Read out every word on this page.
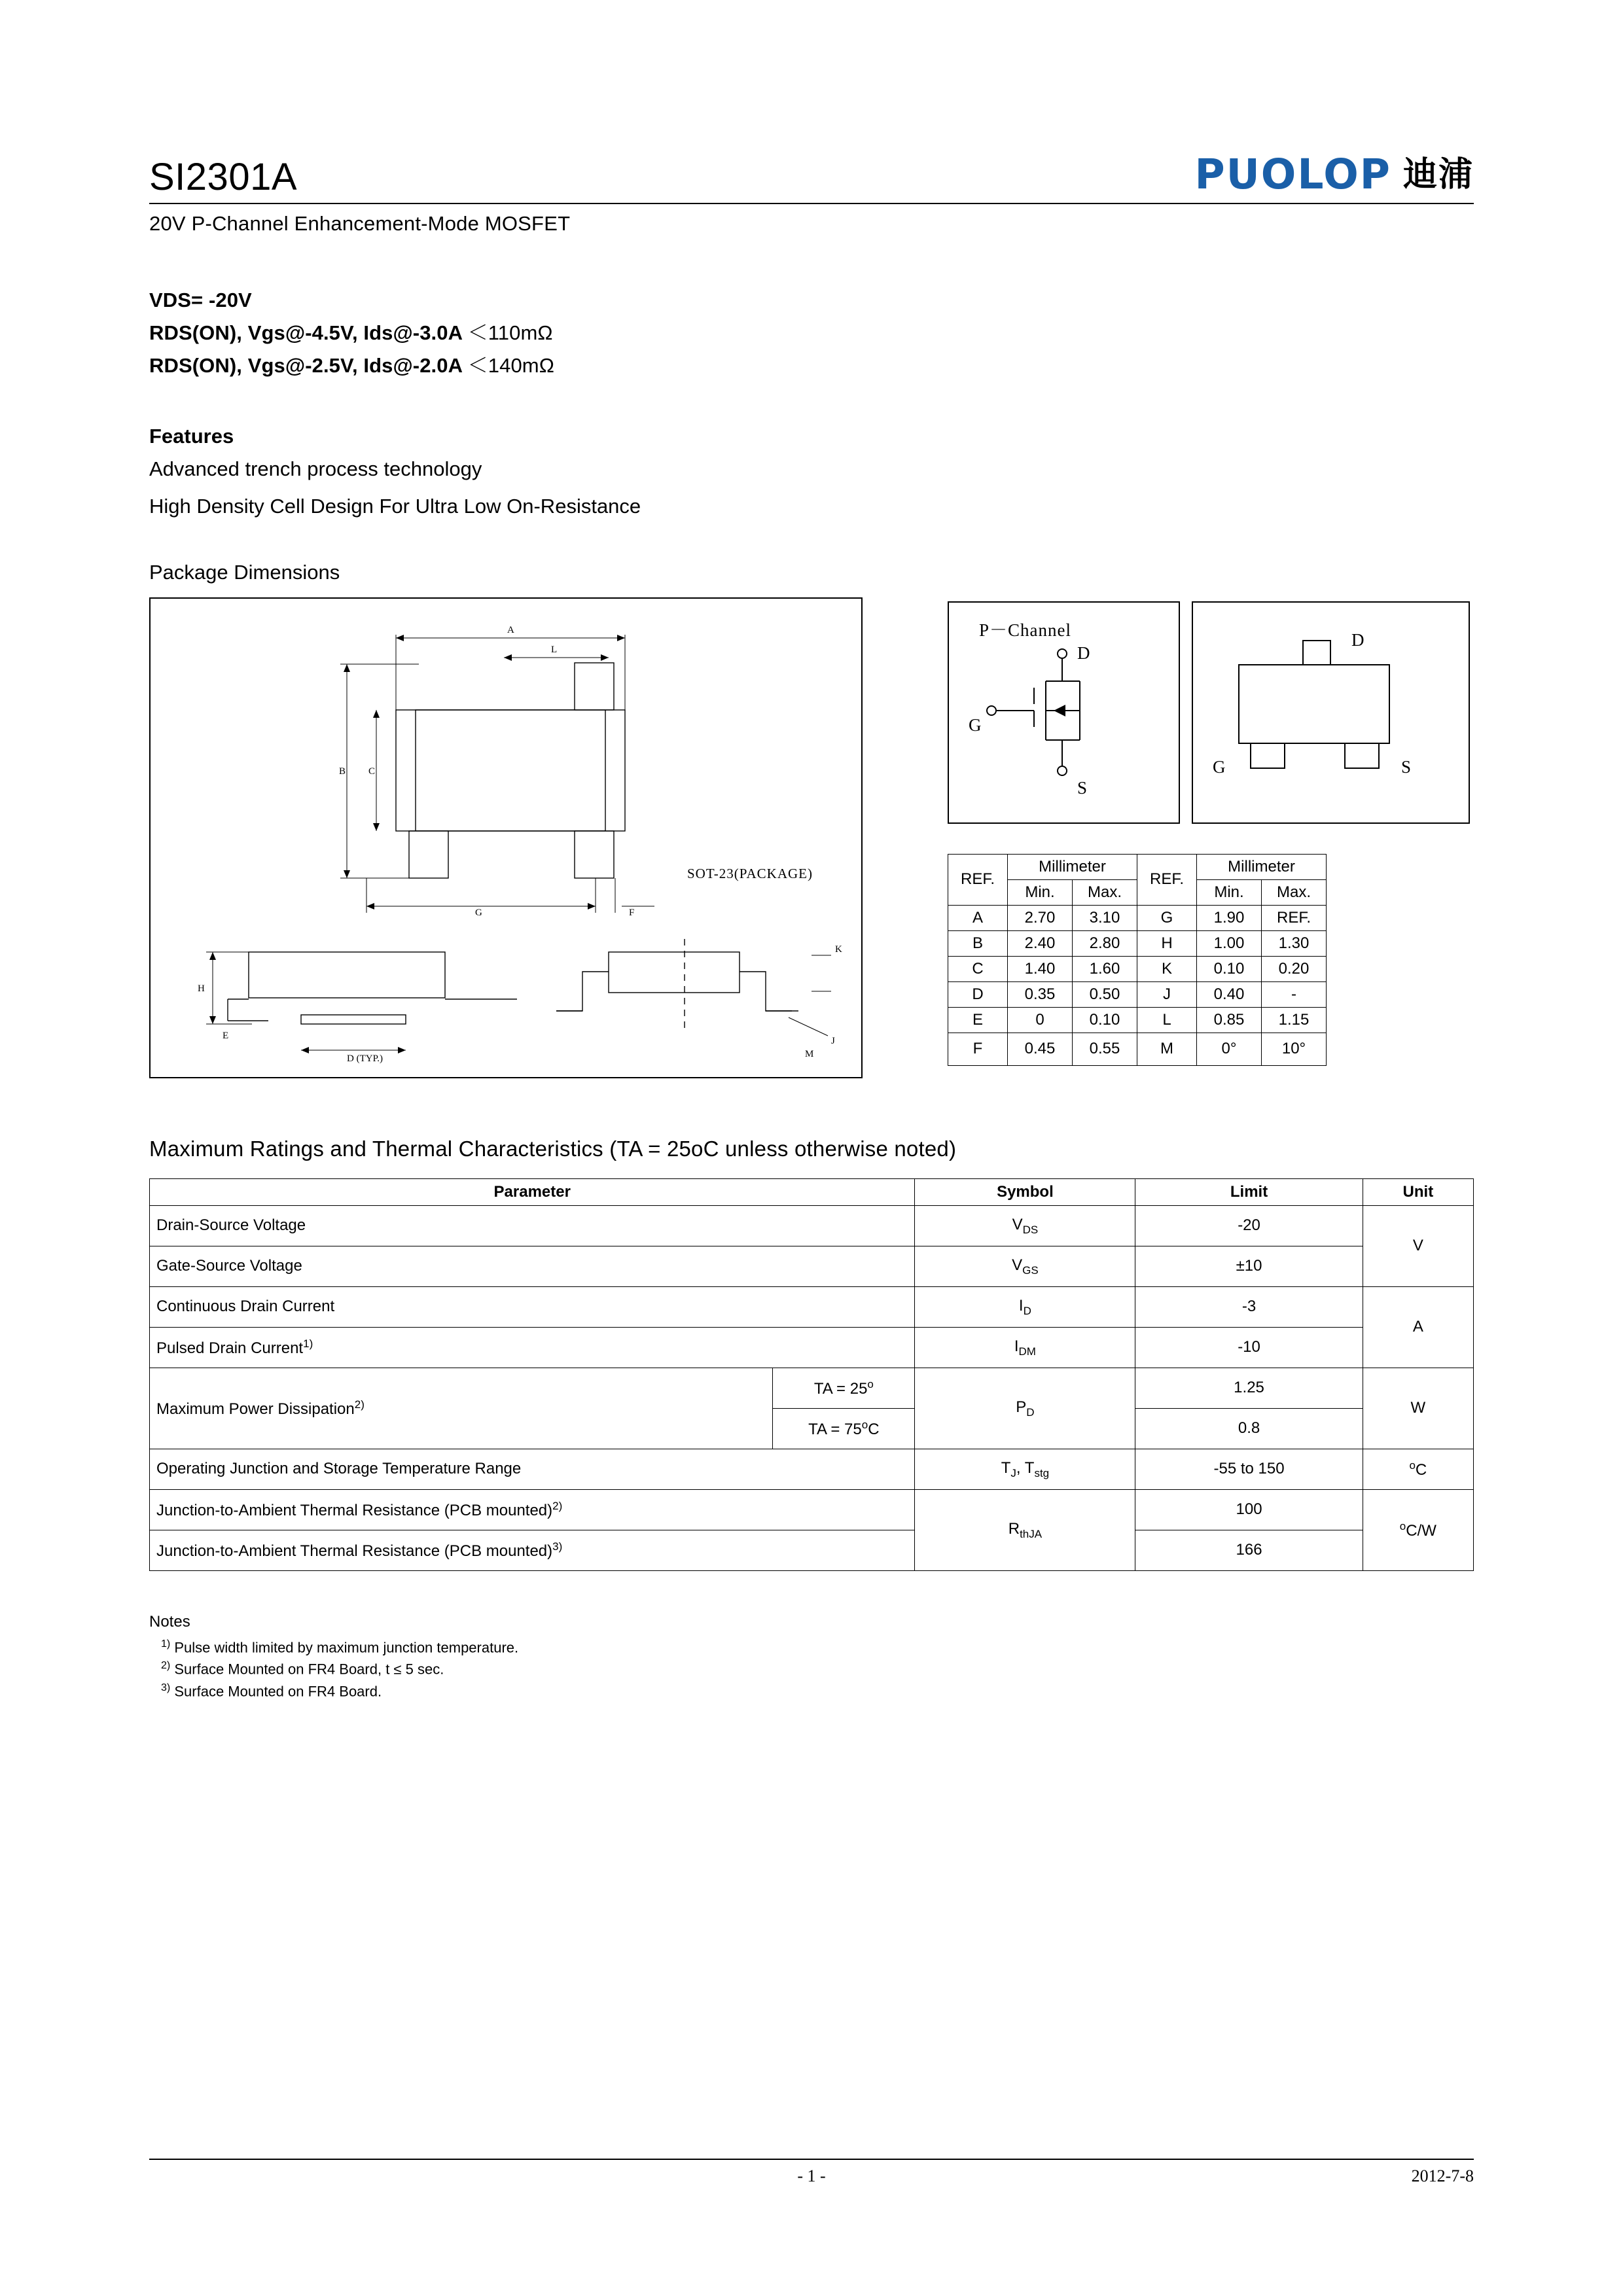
SI2301A	PUOLOP 迪浦
20V P-Channel Enhancement-Mode MOSFET
VDS= -20V
RDS(ON), Vgs@-4.5V, Ids@-3.0A ＜110mΩ
RDS(ON), Vgs@-2.5V, Ids@-2.0A ＜140mΩ
Features
Advanced trench process technology
High Density Cell Design For Ultra Low On-Resistance
Package Dimensions
A
L
B C
G	F
H
E
D (TYP.)
K
J
M
SOT-23(PACKAGE)
P－Channel
D
G
S
D
G	S
REF.	Millimeter		REF.	Millimeter	
	Min.	Max.		Min.	Max.
A	2.70	3.10	G	1.90	REF.
B	2.40	2.80	H	1.00	1.30
C	1.40	1.60	K	0.10	0.20
D	0.35	0.50	J	0.40	-
E	0	0.10	L	0.85	1.15
F	0.45	0.55	M	0°	10°
Maximum Ratings and Thermal Characteristics (TA = 25oC unless otherwise noted)
Parameter		Symbol	Limit	Unit
Drain-Source Voltage		$V_{DS}$	-20	V
Gate-Source Voltage		$V_{GS}$	±10	
Continuous Drain Current		$I_D$	-3	A
Pulsed Drain Current$^{1)}$		$I_{DM}$	-10	
Maximum Power Dissipation$^{2)}$	TA = $25^o$	$P_D$	1.25	W
	TA = $75^oC$		0.8	
Operating Junction and Storage Temperature Range		$T_J$, $T_{stg}$	-55 to 150	$^o$C
Junction-to-Ambient Thermal Resistance (PCB mounted)$^{2)}$		$R_{thJA}$	100	$^o$C/W
Junction-to-Ambient Thermal Resistance (PCB mounted)$^{3)}$			166	
Notes
$^{1)}$ Pulse width limited by maximum junction temperature.
$^{2)}$ Surface Mounted on FR4 Board, t ≤ 5 sec.
$^{3)}$ Surface Mounted on FR4 Board.
- 1 -	2012-7-8
